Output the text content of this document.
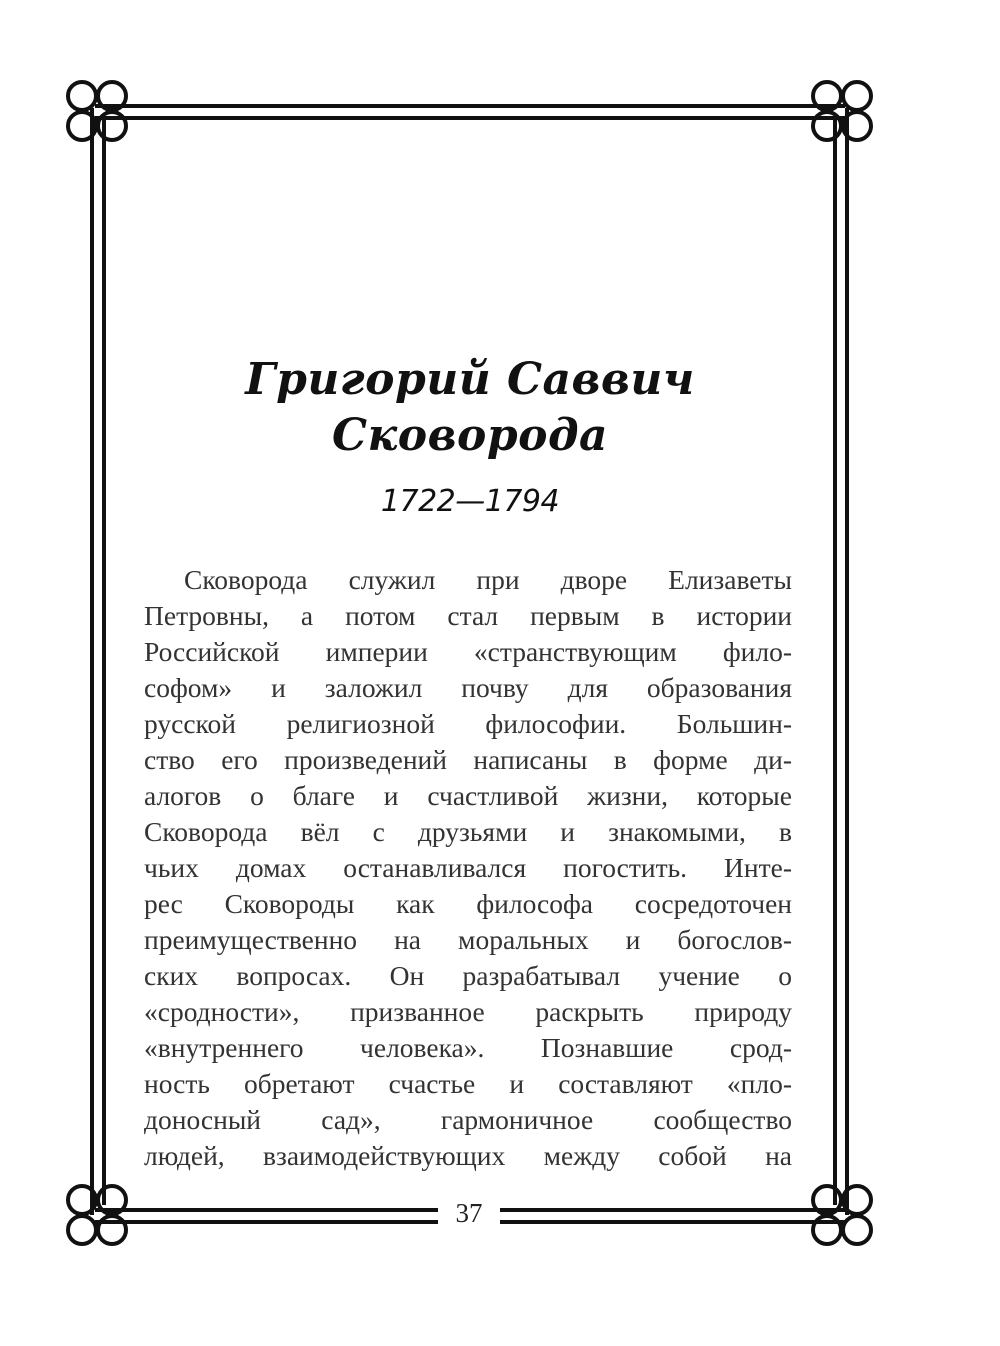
Григорий Саввич
Сковорода
1722—1794
Сковорода служил при дворе Елизаветы
Петровны, а потом стал первым в истории
Российской империи «странствующим фило-
софом» и заложил почву для образования
русской религиозной философии. Большин-
ство его произведений написаны в форме ди-
алогов о благе и счастливой жизни, которые
Сковорода вёл с друзьями и знакомыми, в
чьих домах останавливался погостить. Инте-
рес Сковороды как философа сосредоточен
преимущественно на моральных и богослов-
ских вопросах. Он разрабатывал учение о
«сродности», призванное раскрыть природу
«внутреннего человека». Познавшие срод-
ность обретают счастье и составляют «пло-
доносный сад», гармоничное сообщество
людей, взаимодействующих между собой на
37
